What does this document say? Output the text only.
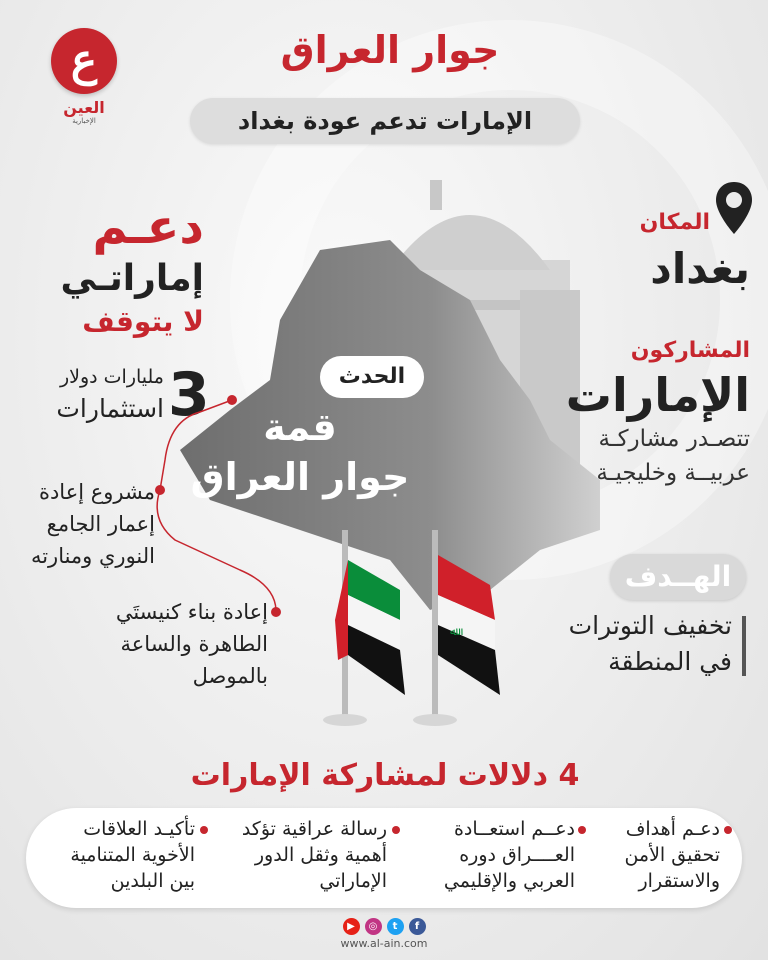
ع
العين
الإخبارية
جوار العراق
الإمارات تدعم عودة بغداد
الحدث
قمة
جوار العراق
ﷲ
دعـم
إماراتـي
لا يتوقف
3
مليارات دولار
استثمارات
مشروع إعادة إعمار الجامع النوري ومنارته
إعادة بناء كنيستَي الطاهرة والساعة بالموصل
المكان
بغداد
المشاركون
الإمارات
تتصـدر مشاركـة
عربيــة وخليجيـة
الهــدف
تخفيف التوترات
في المنطقة
4 دلالات لمشاركة الإمارات
دعـم أهداف
تحقيق الأمن
والاستقرار
دعــم استعــادة
العــــراق دوره
العربي والإقليمي
رسالة عراقية تؤكد
أهمية وثقل الدور
الإماراتي
تأكيـد العلاقات
الأخوية المتنامية
بين البلدين
▶	◎	t	f
www.al-ain.com
